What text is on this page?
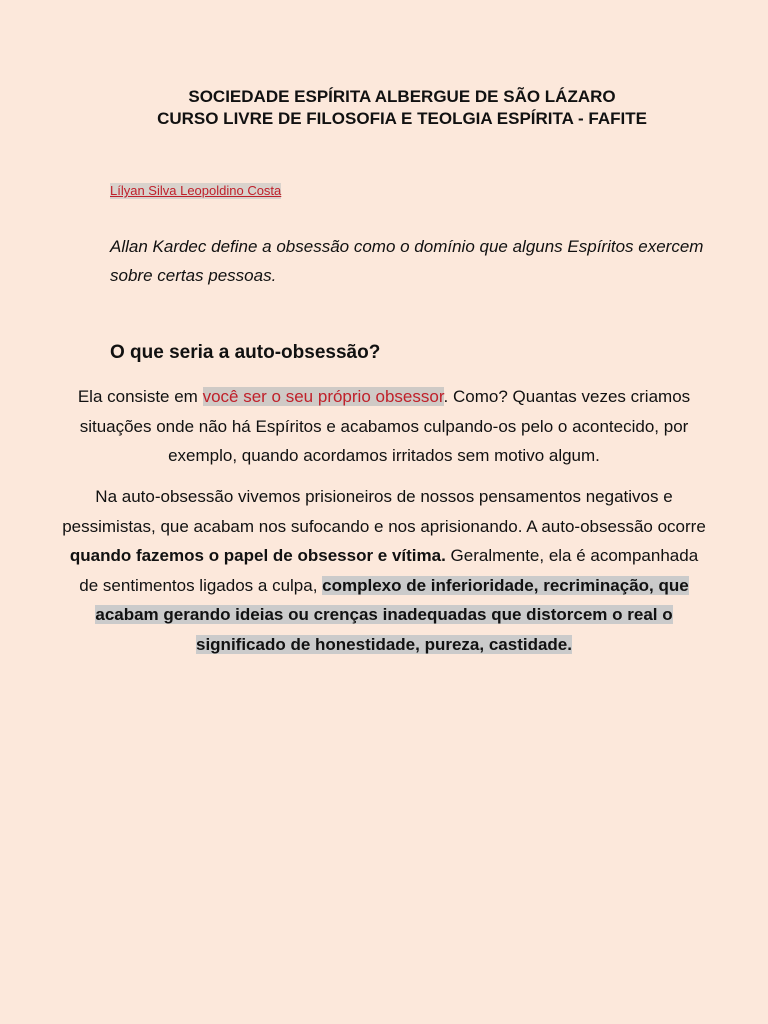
SOCIEDADE ESPÍRITA ALBERGUE DE SÃO LÁZARO
CURSO LIVRE DE FILOSOFIA E TEOLGIA ESPÍRITA - FAFITE
Lílyan Silva Leopoldino Costa
Allan Kardec define a obsessão como o domínio que alguns Espíritos exercem sobre certas pessoas.
O que seria a auto-obsessão?
Ela consiste em você ser o seu próprio obsessor. Como? Quantas vezes criamos situações onde não há Espíritos e acabamos culpando-os pelo o acontecido, por exemplo, quando acordamos irritados sem motivo algum.
Na auto-obsessão vivemos prisioneiros de nossos pensamentos negativos e pessimistas, que acabam nos sufocando e nos aprisionando. A auto-obsessão ocorre quando fazemos o papel de obsessor e vítima. Geralmente, ela é acompanhada de sentimentos ligados a culpa, complexo de inferioridade, recriminação, que acabam gerando ideias ou crenças inadequadas que distorcem o real o significado de honestidade, pureza, castidade.
